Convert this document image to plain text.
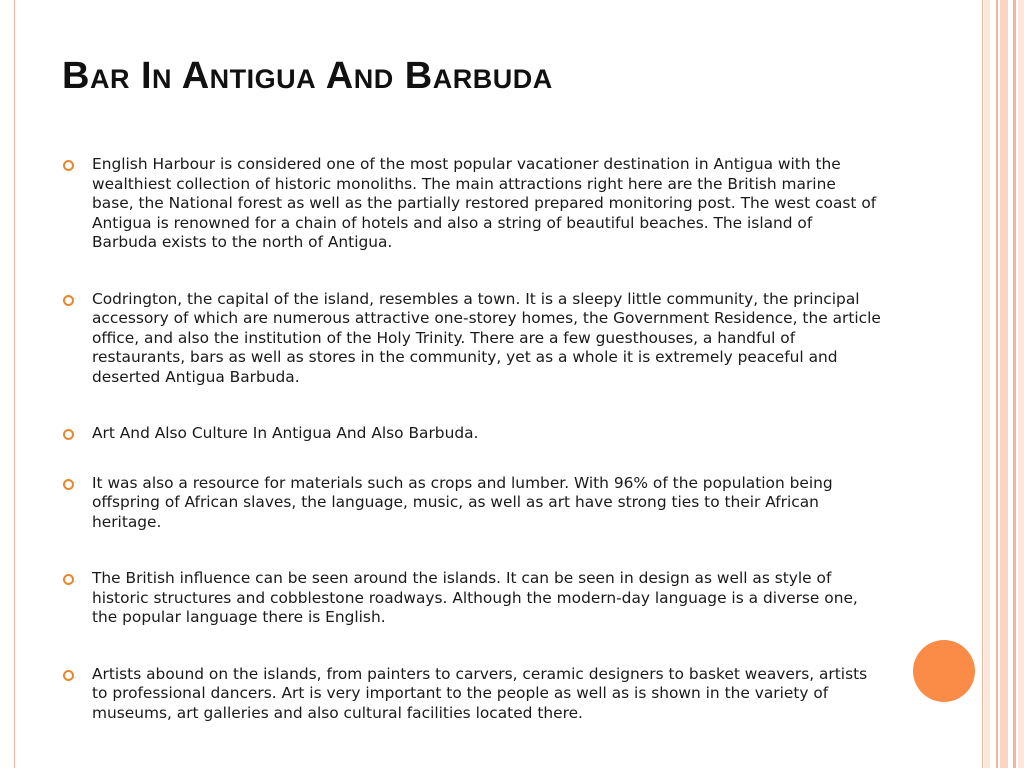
Bar In Antigua And Barbuda

English Harbour is considered one of the most popular vacationer destination in Antigua with the wealthiest collection of historic monoliths. The main attractions right here are the British marine base, the National forest as well as the partially restored prepared monitoring post. The west coast of Antigua is renowned for a chain of hotels and also a string of beautiful beaches. The island of Barbuda exists to the north of Antigua.

Codrington, the capital of the island, resembles a town. It is a sleepy little community, the principal accessory of which are numerous attractive one-storey homes, the Government Residence, the article office, and also the institution of the Holy Trinity. There are a few guesthouses, a handful of restaurants, bars as well as stores in the community, yet as a whole it is extremely peaceful and deserted Antigua Barbuda.

Art And Also Culture In Antigua And Also Barbuda.

It was also a resource for materials such as crops and lumber. With 96% of the population being offspring of African slaves, the language, music, as well as art have strong ties to their African heritage.

The British influence can be seen around the islands. It can be seen in design as well as style of historic structures and cobblestone roadways. Although the modern-day language is a diverse one, the popular language there is English.

Artists abound on the islands, from painters to carvers, ceramic designers to basket weavers, artists to professional dancers. Art is very important to the people as well as is shown in the variety of museums, art galleries and also cultural facilities located there.
